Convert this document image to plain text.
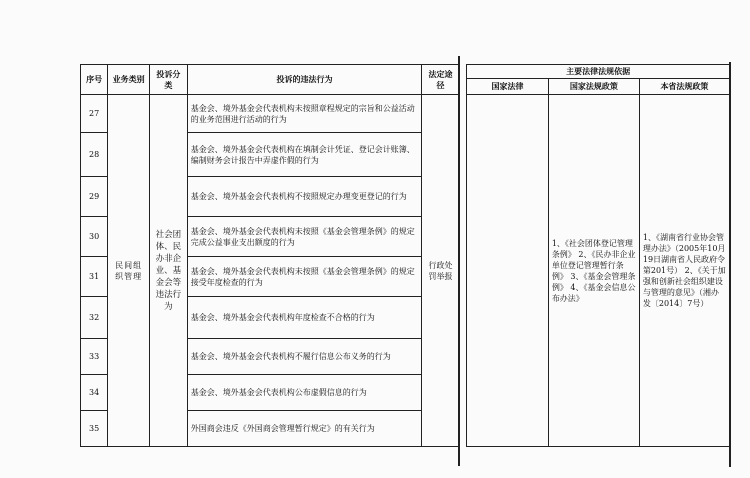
序号	业务类别	投诉分类	投诉的违法行为	法定途径		主要法律法规依据		
						国家法律	国家法规政策	本省法规政策
27	民间组织管理	社会团体、民办非企业、基金会等违法行为	基金会、境外基金会代表机构未按照章程规定的宗旨和公益活动的业务范围进行活动的行为	行政处罚举报			1、《社会团体登记管理条例》 2、《民办非企业单位登记管理暂行条例》 3、《基金会管理条例》 4、《基金会信息公布办法》	1、《湖南省行业协会管理办法》（2005年10月19日湖南省人民政府令第201号） 2、《关于加强和创新社会组织建设与管理的意见》（湘办发〔2014〕7号）
28			基金会、境外基金会代表机构在填制会计凭证、登记会计账簿、编制财务会计报告中弄虚作假的行为					
29			基金会、境外基金会代表机构不按照规定办理变更登记的行为					
30			基金会、境外基金会代表机构未按照《基金会管理条例》的规定完成公益事业支出额度的行为					
31			基金会、境外基金会代表机构未按照《基金会管理条例》的规定接受年度检查的行为					
32			基金会、境外基金会代表机构年度检查不合格的行为					
33			基金会、境外基金会代表机构不履行信息公布义务的行为					
34			基金会、境外基金会代表机构公布虚假信息的行为					
35			外国商会违反《外国商会管理暂行规定》的有关行为					
